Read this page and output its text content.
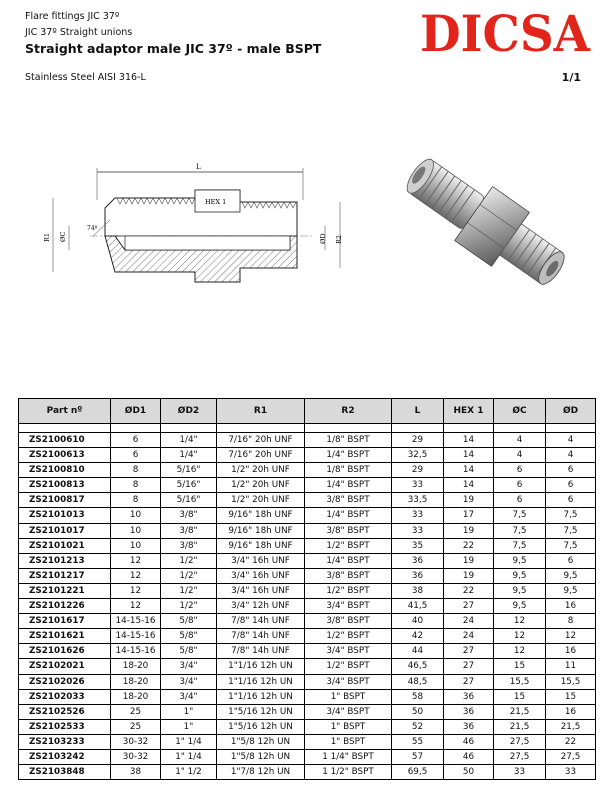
Flare fittings JIC 37º
JIC 37º Straight unions
Straight adaptor male JIC 37º - male BSPT
Stainless Steel AISI 316-L	1/1
DICSA
L
HEX 1
74º
R1 ØC	ØD R2
Part nº	ØD1	ØD2	R1	R2	L	HEX 1	ØC	ØD

ZS2100610	6	1/4"	7/16" 20h UNF	1/8" BSPT	29	14	4	4
ZS2100613	6	1/4"	7/16" 20h UNF	1/4" BSPT	32,5	14	4	4
ZS2100810	8	5/16"	1/2" 20h UNF	1/8" BSPT	29	14	6	6
ZS2100813	8	5/16"	1/2" 20h UNF	1/4" BSPT	33	14	6	6
ZS2100817	8	5/16"	1/2" 20h UNF	3/8" BSPT	33,5	19	6	6
ZS2101013	10	3/8"	9/16" 18h UNF	1/4" BSPT	33	17	7,5	7,5
ZS2101017	10	3/8"	9/16" 18h UNF	3/8" BSPT	33	19	7,5	7,5
ZS2101021	10	3/8"	9/16" 18h UNF	1/2" BSPT	35	22	7,5	7,5
ZS2101213	12	1/2"	3/4" 16h UNF	1/4" BSPT	36	19	9,5	6
ZS2101217	12	1/2"	3/4" 16h UNF	3/8" BSPT	36	19	9,5	9,5
ZS2101221	12	1/2"	3/4" 16h UNF	1/2" BSPT	38	22	9,5	9,5
ZS2101226	12	1/2"	3/4" 12h UNF	3/4" BSPT	41,5	27	9,5	16
ZS2101617	14-15-16	5/8"	7/8" 14h UNF	3/8" BSPT	40	24	12	8
ZS2101621	14-15-16	5/8"	7/8" 14h UNF	1/2" BSPT	42	24	12	12
ZS2101626	14-15-16	5/8"	7/8" 14h UNF	3/4" BSPT	44	27	12	16
ZS2102021	18-20	3/4"	1"1/16 12h UN	1/2" BSPT	46,5	27	15	11
ZS2102026	18-20	3/4"	1"1/16 12h UN	3/4" BSPT	48,5	27	15,5	15,5
ZS2102033	18-20	3/4"	1"1/16 12h UN	1" BSPT	58	36	15	15
ZS2102526	25	1"	1"5/16 12h UN	3/4" BSPT	50	36	21,5	16
ZS2102533	25	1"	1"5/16 12h UN	1" BSPT	52	36	21,5	21,5
ZS2103233	30-32	1" 1/4	1"5/8 12h UN	1" BSPT	55	46	27,5	22
ZS2103242	30-32	1" 1/4	1"5/8 12h UN	1 1/4" BSPT	57	46	27,5	27,5
ZS2103848	38	1" 1/2	1"7/8 12h UN	1 1/2" BSPT	69,5	50	33	33
